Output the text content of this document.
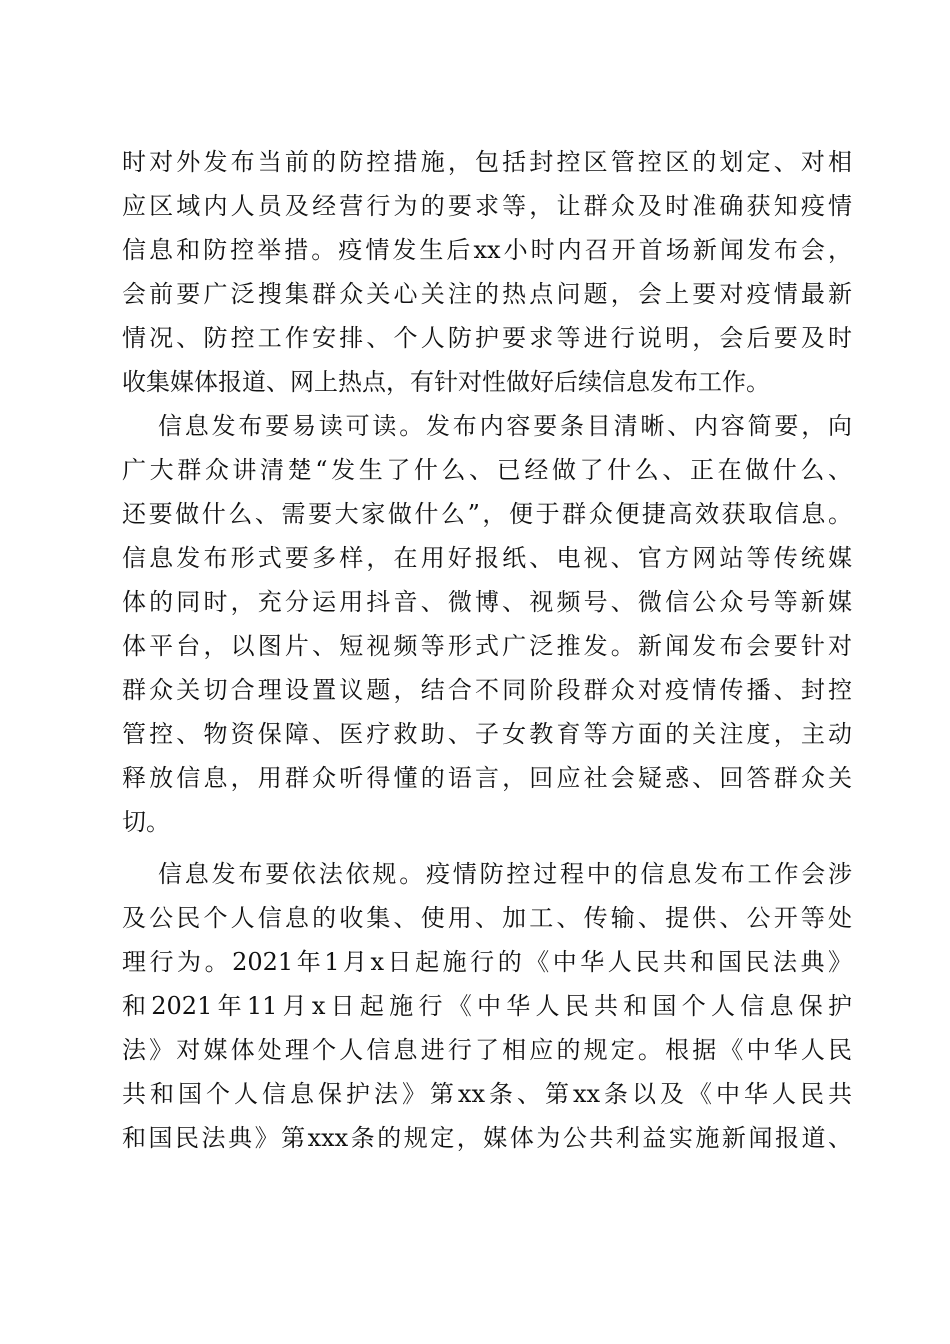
时对外发布当前的防控措施，包括封控区管控区的划定、对相
应区域内人员及经营行为的要求等，让群众及时准确获知疫情
信息和防控举措。疫情发生后xx小时内召开首场新闻发布会，
会前要广泛搜集群众关心关注的热点问题，会上要对疫情最新
情况、防控工作安排、个人防护要求等进行说明，会后要及时
收集媒体报道、网上热点，有针对性做好后续信息发布工作。
信息发布要易读可读。发布内容要条目清晰、内容简要，向
广大群众讲清楚“发生了什么、已经做了什么、正在做什么、
还要做什么、需要大家做什么”，便于群众便捷高效获取信息。
信息发布形式要多样，在用好报纸、电视、官方网站等传统媒
体的同时，充分运用抖音、微博、视频号、微信公众号等新媒
体平台，以图片、短视频等形式广泛推发。新闻发布会要针对
群众关切合理设置议题，结合不同阶段群众对疫情传播、封控
管控、物资保障、医疗救助、子女教育等方面的关注度，主动
释放信息，用群众听得懂的语言，回应社会疑惑、回答群众关
切。
信息发布要依法依规。疫情防控过程中的信息发布工作会涉
及公民个人信息的收集、使用、加工、传输、提供、公开等处
理行为。2021年1月x日起施行的《中华人民共和国民法典》
和2021年11月x日起施行《中华人民共和国个人信息保护
法》对媒体处理个人信息进行了相应的规定。根据《中华人民
共和国个人信息保护法》第xx条、第xx条以及《中华人民共
和国民法典》第xxx条的规定，媒体为公共利益实施新闻报道、
